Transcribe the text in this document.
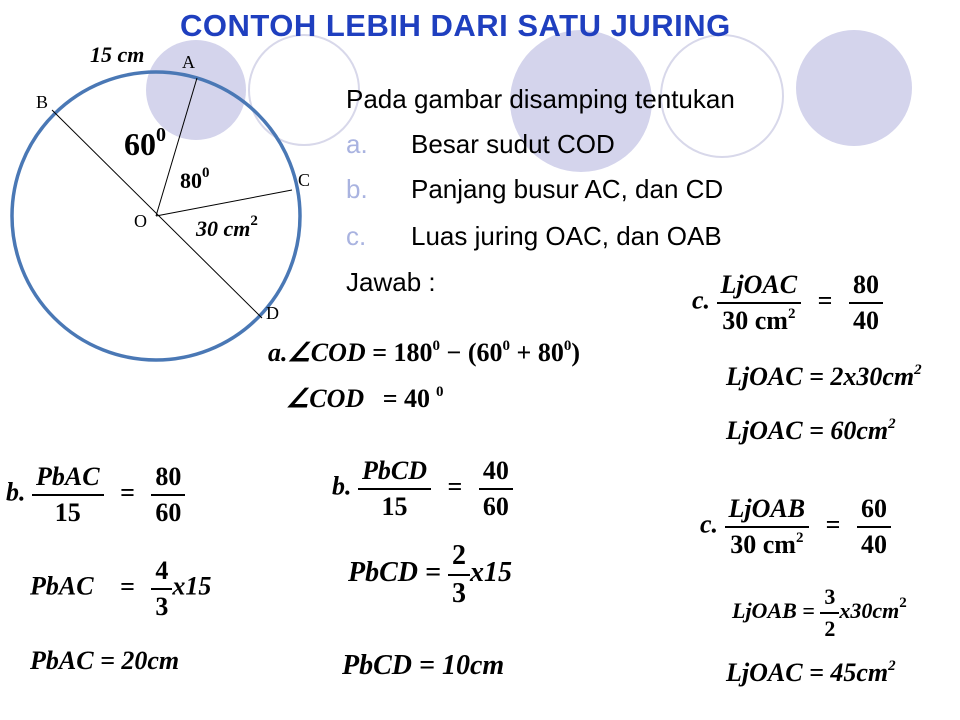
CONTOH LEBIH DARI SATU JURING
15 cm A
B
C
D
O
$60^0$
$80^0$
30 $cm^2$
Pada gambar disamping tentukan
a. Besar sudut COD
b. Panjang busur AC, dan CD
c. Luas juring OAC, dan OAB
Jawab :
a.∠COD = $180^0 - (60^0 + 80^0)$
∠COD = 40 $^0$
b. $\frac{\text{PbAC}}{15} = \frac{80}{60}$
PbAC = $\frac{4}{3} x15$
PbAC = 20cm
b. $\frac{\text{PbCD}}{15} = \frac{40}{60}$
PbCD = $\frac{2}{3} x15$
PbCD = 10cm
c. $\frac{\text{LjOAC}}{30 cm^2} = \frac{80}{40}$
LjOAC = $2x30cm^2$
LjOAC = $60cm^2$
c. $\frac{\text{LjOAB}}{30 cm^2} = \frac{60}{40}$
LjOAB = $\frac{3}{2} x30cm^2$
LjOAC = $45cm^2$
